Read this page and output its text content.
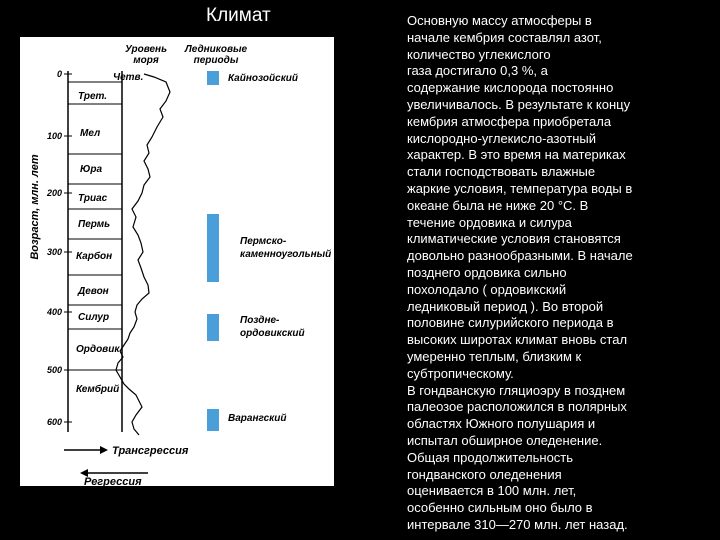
Климат
Уровень
моря
Ледниковые
периоды
Возраст, млн. лет
0
100
200
300
400
500
600
Четв.
Трет.
Мел
Юра
Триас
Пермь
Карбон
Девон
Силур
Ордовик
Кембрий
Кайнозойский
Пермско-
каменноугольный
Поздне-
ордовикский
Варангский
Трансгрессия
Регрессия
Основную массу атмосферы в
начале кембрия составлял азот,
количество углекислого
газа достигало 0,3 %, а
содержание кислорода постоянно
увеличивалось. В результате к концу
кембрия атмосфера приобретала
кислородно-углекисло-азотный
характер. В это время на материках
стали господствовать влажные
жаркие условия, температура воды в
океане была не ниже 20 °С. В
течение ордовика и силура
климатические условия становятся
довольно разнообразными. В начале
позднего ордовика сильно
похолодало ( ордовикский
ледниковый период ). Во второй
половине силурийского периода в
высоких широтах климат вновь стал
умеренно теплым, близким к
субтропическому.
В гондванскую гляциоэру в позднем
палеозое расположился в полярных
областях Южного полушария и
испытал обширное оледенение.
Общая продолжительность
гондванского оледенения
оценивается в 100 млн. лет,
особенно сильным оно было в
интервале 310—270 млн. лет назад.
